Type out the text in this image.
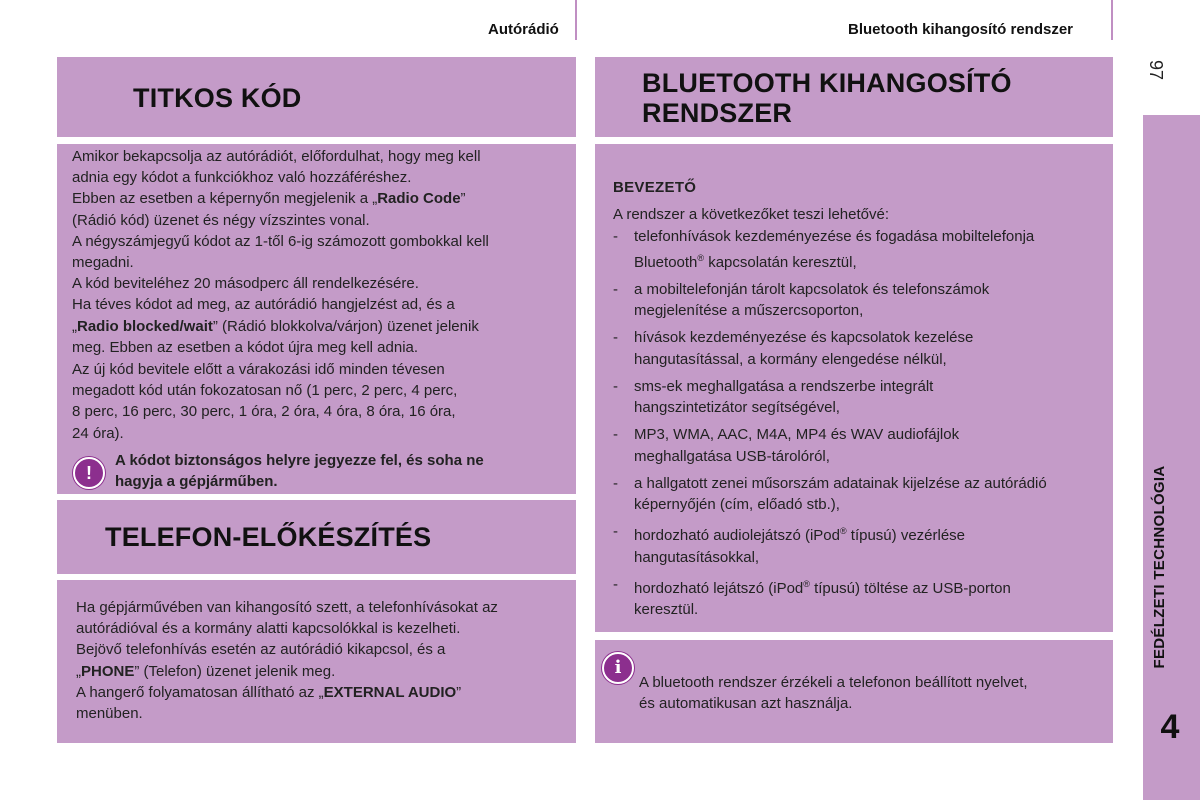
Autórádió	Bluetooth kihangosító rendszer
97
FEDÉLZETI TECHNOLÓGIA
4
TITKOS KÓD

Amikor bekapcsolja az autórádiót, előfordulhat, hogy meg kell

adnia egy kódot a funkciókhoz való hozzáféréshez.

Ebben az esetben a képernyőn megjelenik a „Radio Code”

(Rádió kód) üzenet és négy vízszintes vonal.

A négyszámjegyű kódot az 1-től 6-ig számozott gombokkal kell

megadni.

A kód beviteléhez 20 másodperc áll rendelkezésére.

Ha téves kódot ad meg, az autórádió hangjelzést ad, és a

„Radio blocked/wait” (Rádió blokkolva/várjon) üzenet jelenik

meg. Ebben az esetben a kódot újra meg kell adnia.

Az új kód bevitele előtt a várakozási idő minden tévesen

megadott kód után fokozatosan nő (1 perc, 2 perc, 4 perc,

8 perc, 16 perc, 30 perc, 1 óra, 2 óra, 4 óra, 8 óra, 16 óra,

24 óra).

!

A kódot biztonságos helyre jegyezze fel, és soha ne

hagyja a gépjárműben.

TELEFON-ELŐKÉSZÍTÉS

Ha gépjárművében van kihangosító szett, a telefonhívásokat az

autórádióval és a kormány alatti kapcsolókkal is kezelheti.

Bejövő telefonhívás esetén az autórádió kikapcsol, és a

„PHONE” (Telefon) üzenet jelenik meg.

A hangerő folyamatosan állítható az „EXTERNAL AUDIO”

menüben.

BLUETOOTH KIHANGOSÍTÓ
RENDSZER

BEVEZETŐ

A rendszer a következőket teszi lehetővé:

- telefonhívások kezdeményezése és fogadása mobiltelefonja
Bluetooth® kapcsolatán keresztül,
- a mobiltelefonján tárolt kapcsolatok és telefonszámok
megjelenítése a műszercsoporton,
- hívások kezdeményezése és kapcsolatok kezelése
hangutasítással, a kormány elengedése nélkül,
- sms-ek meghallgatása a rendszerbe integrált
hangszintetizátor segítségével,
- MP3, WMA, AAC, M4A, MP4 és WAV audiofájlok
meghallgatása USB-tárolóról,
- a hallgatott zenei műsorszám adatainak kijelzése az autórádió
képernyőjén (cím, előadó stb.),
- hordozható audiolejátszó (iPod® típusú) vezérlése
hangutasításokkal,
- hordozható lejátszó (iPod® típusú) töltése az USB-porton
keresztül.
i

A bluetooth rendszer érzékeli a telefonon beállított nyelvet,

és automatikusan azt használja.
